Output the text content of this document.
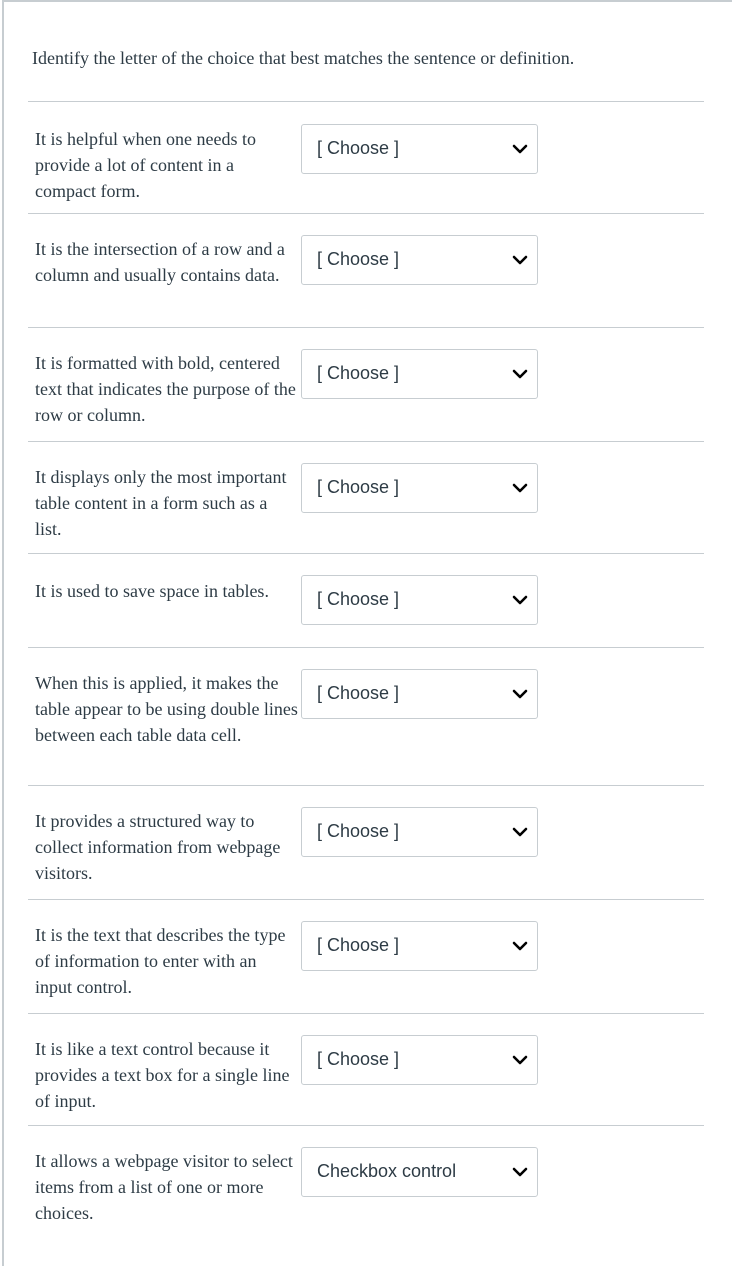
Identify the letter of the choice that best matches the sentence or definition.

It is helpful when one needs to provide a lot of content in a compact form.

[ Choose ]

It is the intersection of a row and a column and usually contains data.

[ Choose ]

It is formatted with bold, centered text that indicates the purpose of the row or column.

[ Choose ]

It displays only the most important table content in a form such as a list.

[ Choose ]

It is used to save space in tables.	[ Choose ]

When this is applied, it makes the table appear to be using double lines between each table data cell.

[ Choose ]

It provides a structured way to collect information from webpage visitors.

[ Choose ]

It is the text that describes the type of information to enter with an input control.

[ Choose ]

It is like a text control because it provides a text box for a single line of input.

[ Choose ]

It allows a webpage visitor to select items from a list of one or more choices.

Checkbox control
